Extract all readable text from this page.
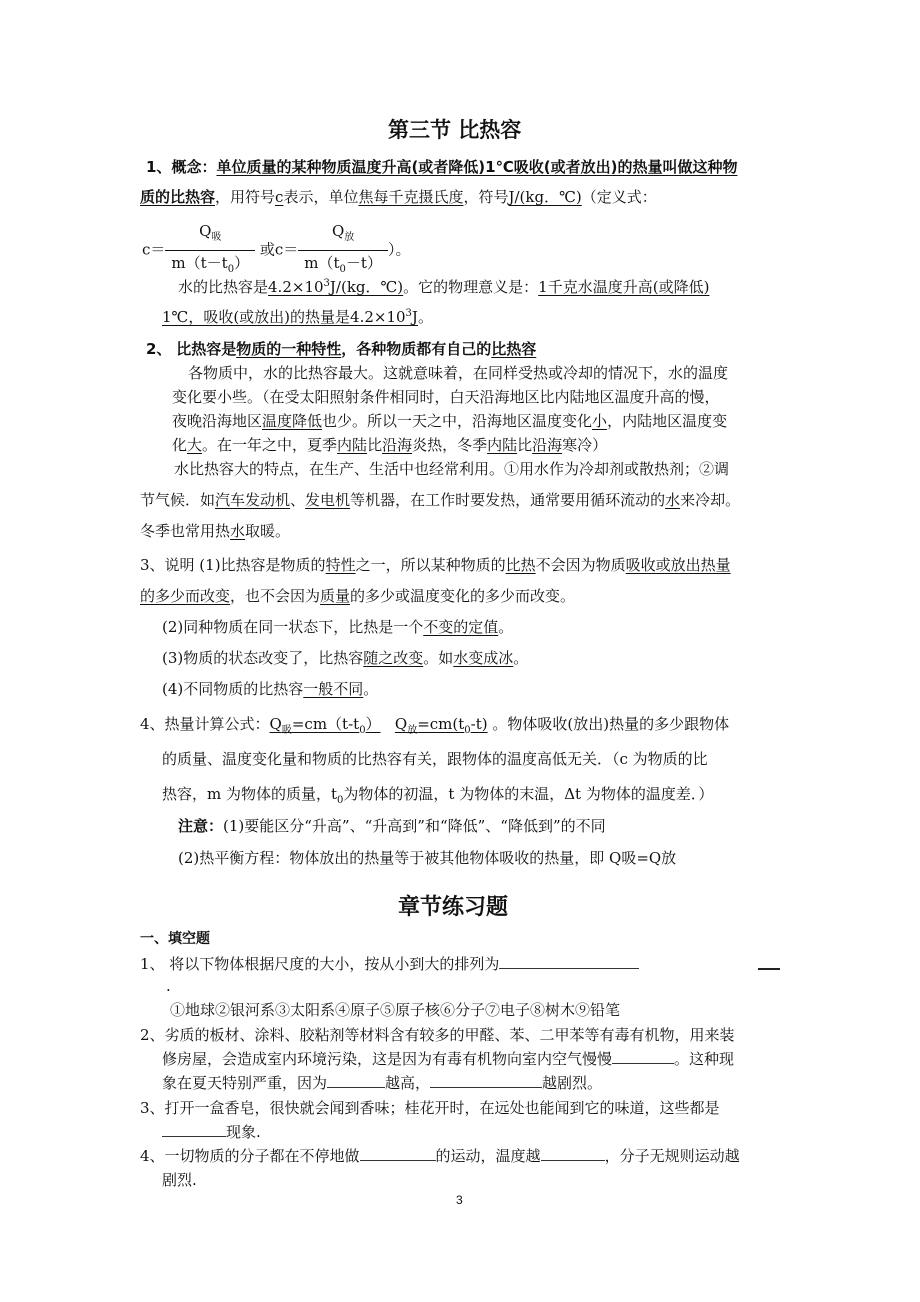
第三节 比热容
1、概念：单位质量的某种物质温度升高(或者降低)1℃吸收(或者放出)的热量叫做这种物
质的比热容，用符号c表示，单位焦每千克摄氏度，符号J/(kg．℃)（定义式：
$c= \frac{Q_吸}{m(t-t_0)}$ 或$c= \frac{Q_放}{m(t_0-t)}$ ）。
水的比热容是$4.2\times 10^3J/(kg$．℃)。它的物理意义是：1千克水温度升高(或降低)
1℃，吸收(或放出)的热量是$4.2\times 10^3J$。
2、 比热容是物质的一种特性，各种物质都有自己的比热容
各物质中，水的比热容最大。这就意味着，在同样受热或冷却的情况下，水的温度
变化要小些。（在受太阳照射条件相同时，白天沿海地区比内陆地区温度升高的慢，
夜晚沿海地区温度降低也少。所以一天之中，沿海地区温度变化小，内陆地区温度变
化大。在一年之中，夏季内陆比沿海炎热，冬季内陆比沿海寒冷）
水比热容大的特点，在生产、生活中也经常利用。①用水作为冷却剂或散热剂；②调
节气候．如汽车发动机、发电机等机器，在工作时要发热，通常要用循环流动的水来冷却。
冬季也常用热水取暖。
3、说明 (1)比热容是物质的特性之一，所以某种物质的比热不会因为物质吸收或放出热量
的多少而改变，也不会因为质量的多少或温度变化的多少而改变。
(2)同种物质在同一状态下，比热是一个不变的定值。
(3)物质的状态改变了，比热容随之改变。如水变成冰。
(4)不同物质的比热容一般不同。
4、热量计算公式：$Q_吸=cm(t-t_0)$ $Q_放=cm(t_0-t)$ 。物体吸收(放出)热量的多少跟物体
的质量、温度变化量和物质的比热容有关，跟物体的温度高低无关．（c 为物质的比
热容，m 为物体的质量，$t_0$为物体的初温，t 为物体的末温，Δt 为物体的温度差．）
注意：(1)要能区分“升高”、“升高到”和“降低”、“降低到”的不同
(2)热平衡方程：物体放出的热量等于被其他物体吸收的热量，即 Q吸=Q放
章节练习题
一、填空题
1、 将以下物体根据尺度的大小，按从小到大的排列为
.
①地球②银河系③太阳系④原子⑤原子核⑥分子⑦电子⑧树木⑨铅笔
2、劣质的板材、涂料、胶粘剂等材料含有较多的甲醛、苯、二甲苯等有毒有机物，用来装
修房屋，会造成室内环境污染，这是因为有毒有机物向室内空气慢慢	。这种现
象在夏天特别严重，因为	越高，	越剧烈。
3、打开一盒香皂，很快就会闻到香味；桂花开时，在远处也能闻到它的味道，这些都是
现象.
4、一切物质的分子都在不停地做	的运动，温度越	，分子无规则运动越
剧烈.
3
